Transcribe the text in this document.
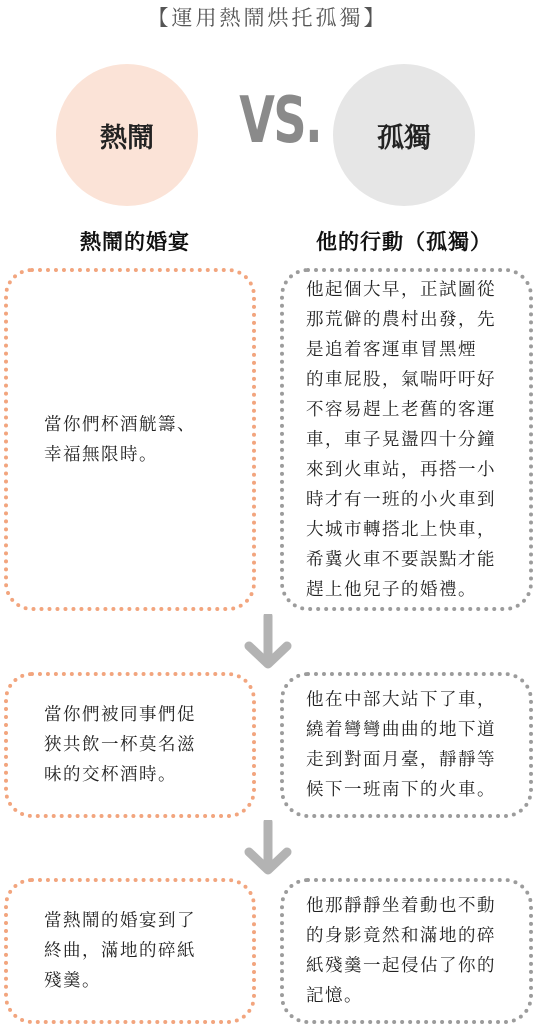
【運用熱鬧烘托孤獨】
熱鬧 VS. 孤獨
熱鬧的婚宴	他的行動（孤獨）
當你們杯酒觥籌、
幸福無限時。
他起個大早，正試圖從
那荒僻的農村出發，先
是追着客運車冒黑煙
的車屁股，氣喘吁吁好
不容易趕上老舊的客運
車，車子晃盪四十分鐘
來到火車站，再搭一小
時才有一班的小火車到
大城市轉搭北上快車，
希冀火車不要誤點才能
趕上他兒子的婚禮。
當你們被同事們促
狹共飲一杯莫名滋
味的交杯酒時。
他在中部大站下了車，
繞着彎彎曲曲的地下道
走到對面月臺，靜靜等
候下一班南下的火車。
當熱鬧的婚宴到了
終曲，滿地的碎紙
殘羹。
他那靜靜坐着動也不動
的身影竟然和滿地的碎
紙殘羹一起侵佔了你的
記憶。
